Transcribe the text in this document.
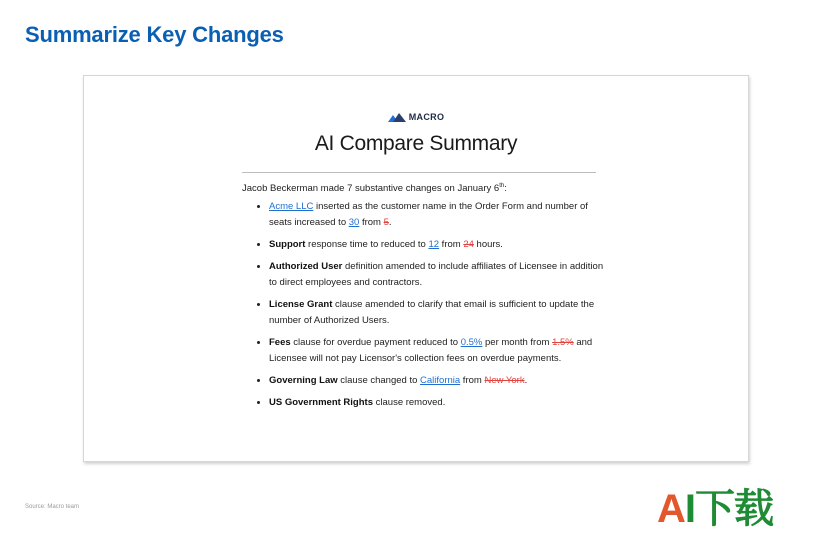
Summarize Key Changes
MACRO
AI Compare Summary
Jacob Beckerman made 7 substantive changes on January 6th:
• Acme LLC inserted as the customer name in the Order Form and number of seats increased to 30 from 5.
• Support response time to reduced to 12 from 24 hours.
• Authorized User definition amended to include affiliates of Licensee in addition to direct employees and contractors.
• License Grant clause amended to clarify that email is sufficient to update the number of Authorized Users.
• Fees clause for overdue payment reduced to 0.5% per month from 1.5% and Licensee will not pay Licensor's collection fees on overdue payments.
• Governing Law clause changed to California from New York.
• US Government Rights clause removed.
Source: Macro team	AI下载
